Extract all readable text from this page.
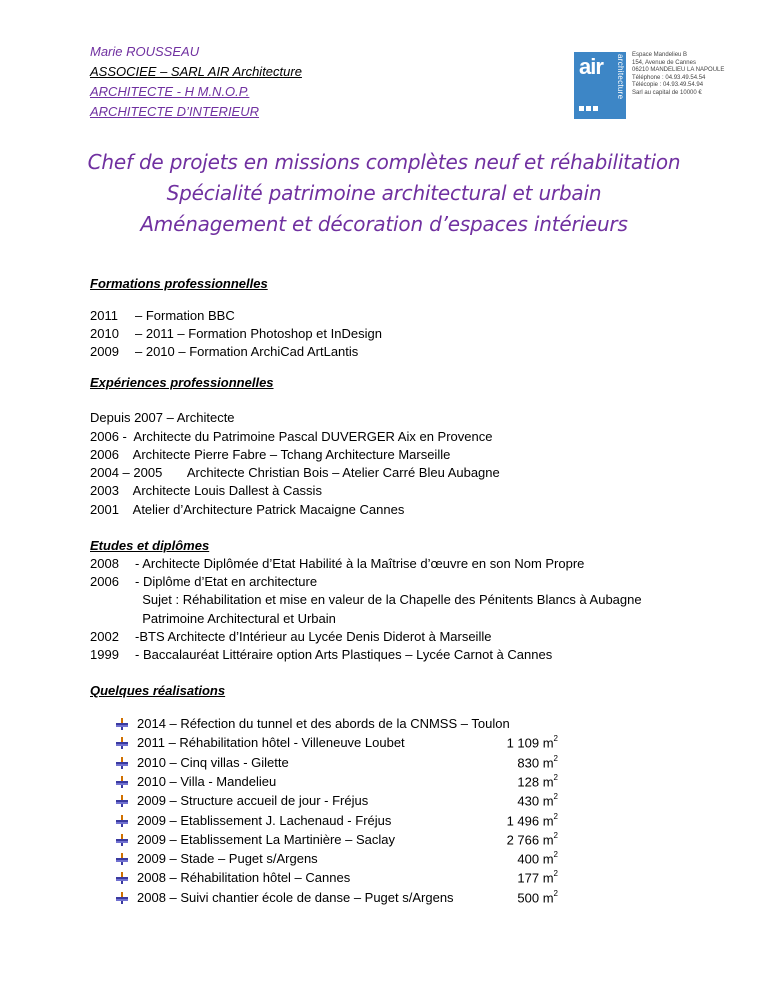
Marie ROUSSEAU
ASSOCIEE – SARL AIR Architecture
ARCHITECTE - H M.N.O.P.
ARCHITECTE D’INTERIEUR
air architecture Espace Mandelieu B
154, Avenue de Cannes
06210 MANDELIEU LA NAPOULE
Téléphone : 04.93.49.54.54
Télécopie : 04.93.49.54.94
Sarl au capital de 10000 €
Chef de projets en missions complètes neuf et réhabilitation
Spécialité patrimoine architectural et urbain
Aménagement et décoration d’espaces intérieurs
Formations professionnelles
2011 – Formation BBC
2010 – 2011 – Formation Photoshop et InDesign
2009 – 2010 – Formation ArchiCad ArtLantis
Expériences professionnelles
Depuis 2007 – Architecte
2006 -  Architecte du Patrimoine Pascal DUVERGER Aix en Provence
2006    Architecte Pierre Fabre – Tchang Architecture Marseille
2004 – 2005       Architecte Christian Bois – Atelier Carré Bleu Aubagne
2003    Architecte Louis Dallest à Cassis
2001    Atelier d’Architecture Patrick Macaigne Cannes
Etudes et diplômes
2008 - Architecte Diplômée d’Etat Habilité à la Maîtrise d’œuvre en son Nom Propre
2006 - Diplôme d’Etat en architecture
Sujet : Réhabilitation et mise en valeur de la Chapelle des Pénitents Blancs à Aubagne
Patrimoine Architectural et Urbain
2002 -BTS Architecte d’Intérieur au Lycée Denis Diderot à Marseille
1999 - Baccalauréat Littéraire option Arts Plastiques – Lycée Carnot à Cannes
Quelques réalisations
2014 – Réfection du tunnel et des abords de la CNMSS – Toulon
2011 – Réhabilitation hôtel - Villeneuve Loubet	1 109 $m^2$
2010 – Cinq villas - Gilette	830 $m^2$
2010 – Villa - Mandelieu	128 $m^2$
2009 – Structure accueil de jour - Fréjus	430 $m^2$
2009 – Etablissement J. Lachenaud - Fréjus	1 496 $m^2$
2009 – Etablissement La Martinière – Saclay	2 766 $m^2$
2009 – Stade – Puget s/Argens	400 $m^2$
2008 – Réhabilitation hôtel – Cannes	177 $m^2$
2008 – Suivi chantier école de danse – Puget s/Argens	500 $m^2$
